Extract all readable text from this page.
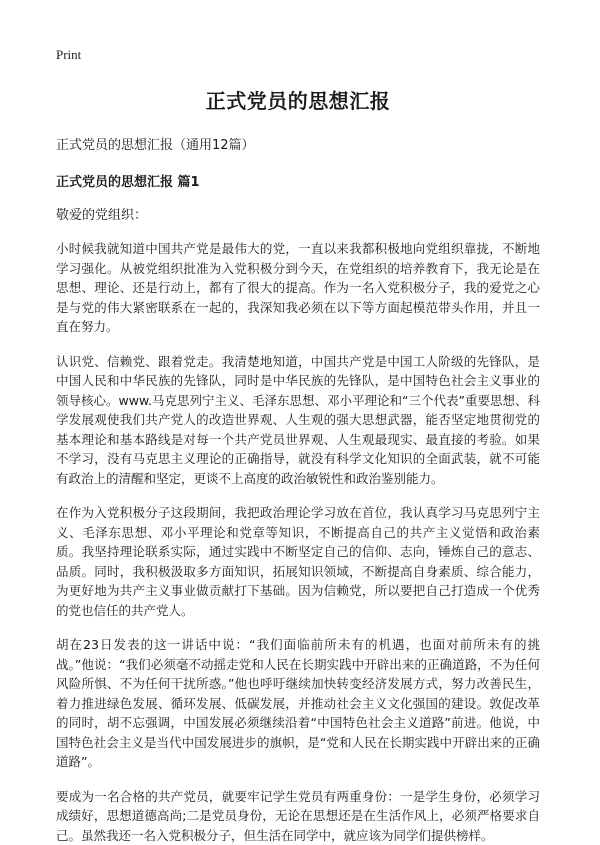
Print
正式党员的思想汇报
正式党员的思想汇报（通用12篇）
正式党员的思想汇报 篇1
敬爱的党组织：

小时候我就知道中国共产党是最伟大的党，一直以来我都积极地向党组织靠拢，不断地学习强化。从被党组织批准为入党积极分到今天，在党组织的培养教育下，我无论是在思想、理论、还是行动上，都有了很大的提高。作为一名入党积极分子，我的爱党之心是与党的伟大紧密联系在一起的，我深知我必须在以下等方面起模范带头作用，并且一直在努力。

认识党、信赖党、跟着党走。我清楚地知道，中国共产党是中国工人阶级的先锋队，是中国人民和中华民族的先锋队，同时是中华民族的先锋队，是中国特色社会主义事业的领导核心。www.马克思列宁主义、毛泽东思想、邓小平理论和“三个代表”重要思想、科学发展观使我们共产党人的改造世界观、人生观的强大思想武器，能否坚定地贯彻党的基本理论和基本路线是对每一个共产党员世界观、人生观最现实、最直接的考验。如果不学习，没有马克思主义理论的正确指导，就没有科学文化知识的全面武装，就不可能有政治上的清醒和坚定，更谈不上高度的政治敏锐性和政治鉴别能力。

在作为入党积极分子这段期间，我把政治理论学习放在首位，我认真学习马克思列宁主义、毛泽东思想、邓小平理论和党章等知识，不断提高自己的共产主义觉悟和政治素质。我坚持理论联系实际，通过实践中不断坚定自己的信仰、志向，锤炼自己的意志、品质。同时，我积极汲取多方面知识，拓展知识领域，不断提高自身素质、综合能力，为更好地为共产主义事业做贡献打下基础。因为信赖党，所以要把自己打造成一个优秀的党也信任的共产党人。

胡在23日发表的这一讲话中说：“我们面临前所未有的机遇，也面对前所未有的挑战。”他说：“我们必须毫不动摇走党和人民在长期实践中开辟出来的正确道路，不为任何风险所惧、不为任何干扰所惑。”他也呼吁继续加快转变经济发展方式，努力改善民生，着力推进绿色发展、循环发展、低碳发展，并推动社会主义文化强国的建设。敦促改革的同时，胡不忘强调，中国发展必须继续沿着“中国特色社会主义道路”前进。他说，中国特色社会主义是当代中国发展进步的旗帜，是“党和人民在长期实践中开辟出来的正确道路”。

要成为一名合格的共产党员，就要牢记学生党员有两重身份：一是学生身份，必须学习成绩好，思想道德高尚;二是党员身份，无论在思想还是在生活作风上，必须严格要求自己。虽然我还一名入党积极分子，但生活在同学中，就应该为同学们提供榜样。
